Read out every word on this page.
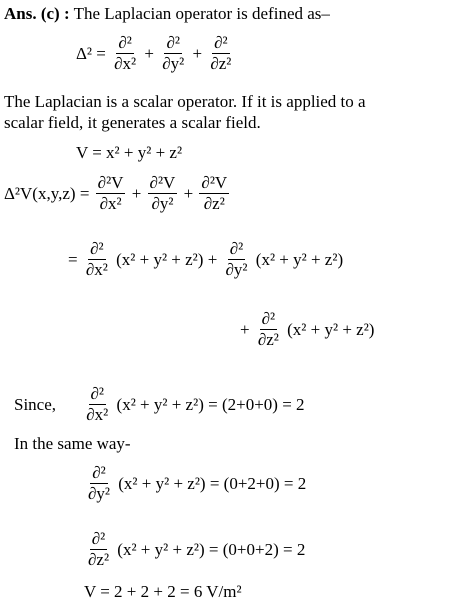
Ans. (c) : The Laplacian operator is defined as–
$\Delta^2 = \frac{\text{∂²}}{\text{∂x²}} + \frac{\text{∂²}}{\text{∂y²}} + \frac{\text{∂²}}{\text{∂z²}}$
The Laplacian is a scalar operator. If it is applied to a
scalar field, it generates a scalar field.
V = x² + y² + z²
$\Delta^2V(x,y,z) = \frac{\text{∂²V}}{\text{∂x²}} + \frac{\text{∂²V}}{\text{∂y²}} + \frac{\text{∂²V}}{\text{∂z²}}$
= $\frac{\text{∂²}}{\text{∂x²}} (x^2 + y^2 + z^2) + \frac{\text{∂²}}{\text{∂y²}} (x^2 + y^2 + z^2)$
+ $\frac{\text{∂²}}{\text{∂z²}} (x^2 + y^2 + z^2)$
Since, $\frac{\text{∂²}}{\text{∂x²}} (x^2 + y^2 + z^2) = (2+0+0) = 2$
In the same way-
$\frac{\text{∂²}}{\text{∂y²}} (x^2 + y^2 + z^2) = (0+2+0) = 2$
$\frac{\text{∂²}}{\text{∂z²}} (x^2 + y^2 + z^2) = (0+0+2) = 2$
V = 2 + 2 + 2 = 6 V/m²
